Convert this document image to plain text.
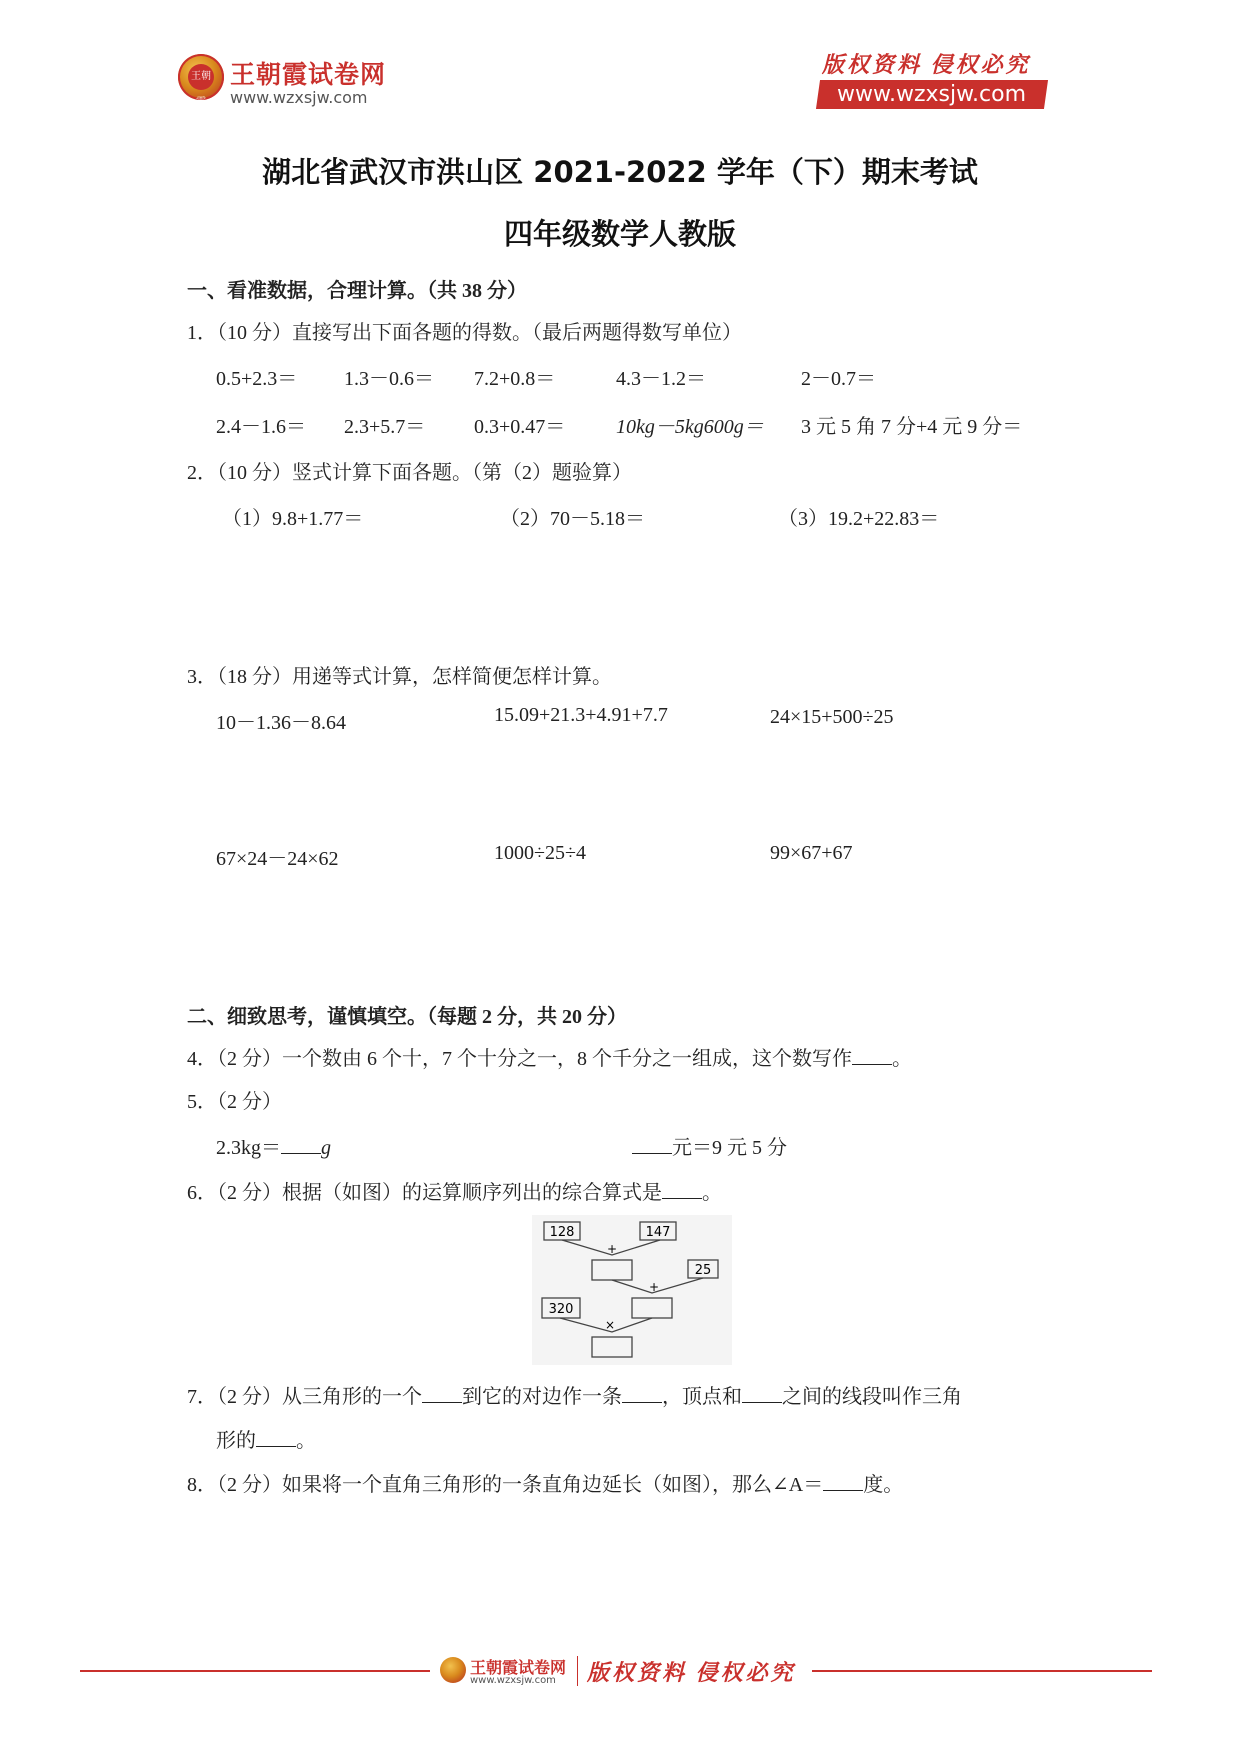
王朝霞
王朝霞试卷网
www.wzxsjw.com
版权资料 侵权必究
www.wzxsjw.com
湖北省武汉市洪山区 2021-2022 学年（下）期末考试
四年级数学人教版
一、看准数据，合理计算。（共 38 分）
1．（10 分）直接写出下面各题的得数。（最后两题得数写单位）
0.5+2.3＝ 1.3－0.6＝ 7.2+0.8＝	4.3－1.2＝	2－0.7＝
2.4－1.6＝ 2.3+5.7＝ 0.3+0.47＝	10kg－5kg600g＝ 3 元 5 角 7 分+4 元 9 分＝
2．（10 分）竖式计算下面各题。（第（2）题验算）
（1）9.8+1.77＝	（2）70－5.18＝	（3）19.2+22.83＝
3．（18 分）用递等式计算，怎样简便怎样计算。
10－1.36－8.64	15.09+21.3+4.91+7.7	24×15+500÷25
67×24－24×62	1000÷25÷4	99×67+67
二、细致思考，谨慎填空。（每题 2 分，共 20 分）
4．（2 分）一个数由 6 个十，7 个十分之一，8 个千分之一组成，这个数写作 。
5．（2 分）
2.3kg＝ g	元＝9 元 5 分
6．（2 分）根据（如图）的运算顺序列出的综合算式是 。
128	147
25
320
+
+
×
7．（2 分）从三角形的一个 到它的对边作一条 ，顶点和 之间的线段叫作三角
形的 。
8．（2 分）如果将一个直角三角形的一条直角边延长（如图），那么∠A＝ 度。
王朝霞试卷网
www.wzxsjw.com 版权资料 侵权必究
